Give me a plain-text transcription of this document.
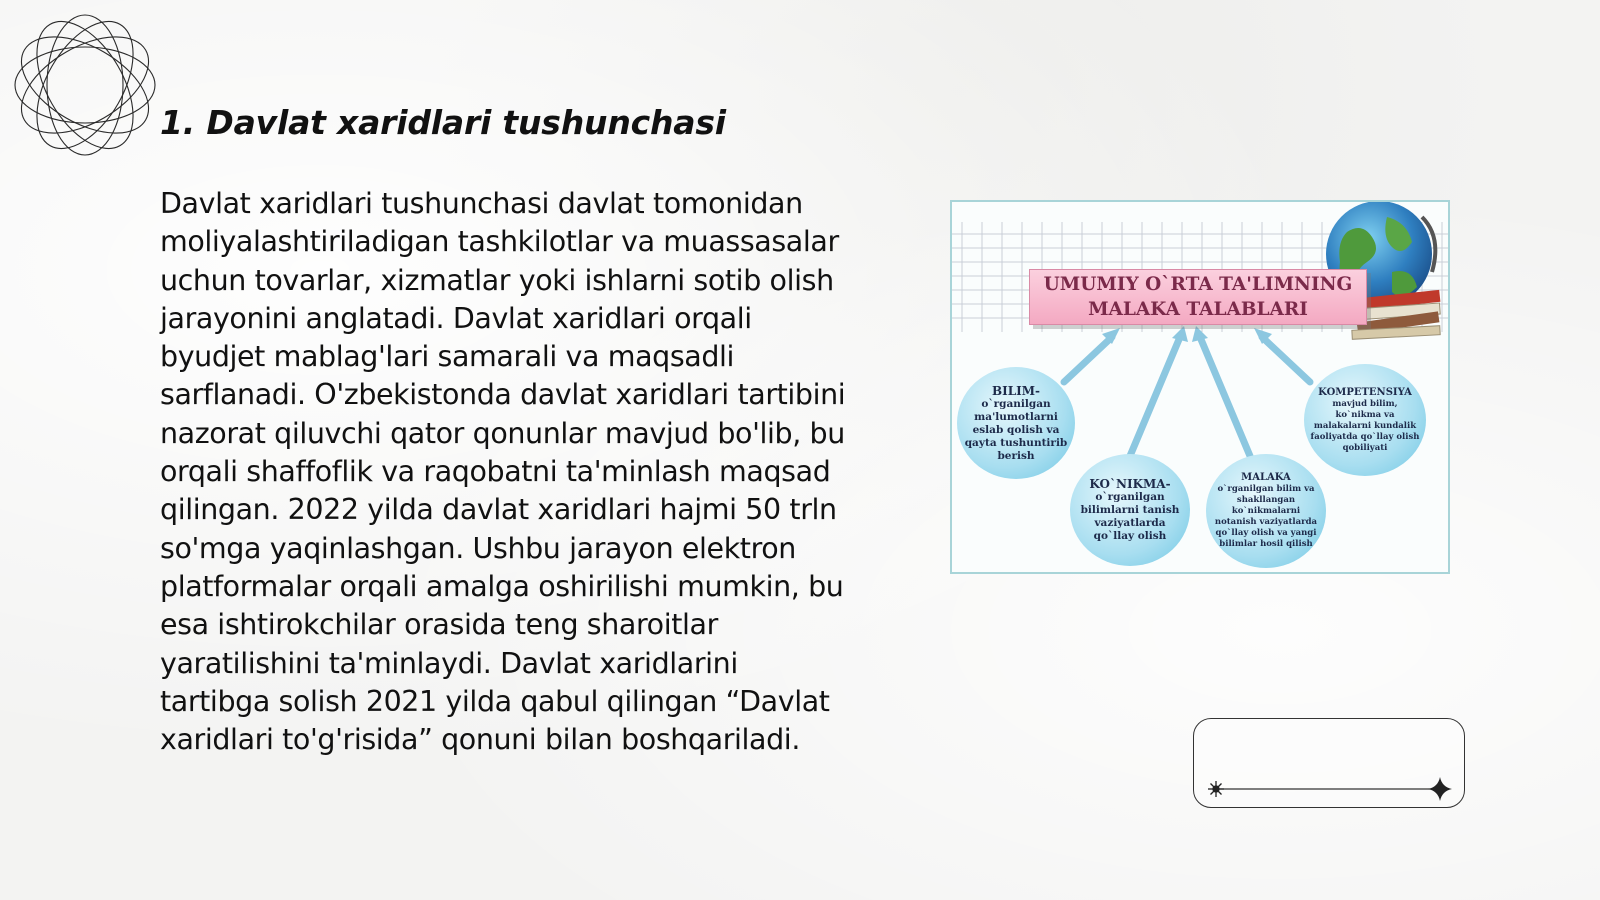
1. Davlat xaridlari tushunchasi

Davlat xaridlari tushunchasi davlat tomonidan moliyalashtiriladigan tashkilotlar va muassasalar uchun tovarlar, xizmatlar yoki ishlarni sotib olish jarayonini anglatadi. Davlat xaridlari orqali byudjet mablag'lari samarali va maqsadli sarflanadi. O'zbekistonda davlat xaridlari tartibini nazorat qiluvchi qator qonunlar mavjud bo'lib, bu orqali shaffoflik va raqobatni ta'minlash maqsad qilingan. 2022 yilda davlat xaridlari hajmi 50 trln so'mga yaqinlashgan. Ushbu jarayon elektron platformalar orqali amalga oshirilishi mumkin, bu esa ishtirokchilar orasida teng sharoitlar yaratilishini ta'minlaydi. Davlat xaridlarini tartibga solish 2021 yilda qabul qilingan “Davlat xaridlari to'g'risida” qonuni bilan boshqariladi.

UMUMIY O`RTA TA'LIMNING
MALAKA TALABLARI
BILIM-
o`rganilgan ma'lumotlarni eslab qolish va qayta tushuntirib berish
KO`NIKMA-
o`rganilgan bilimlarni tanish vaziyatlarda qo`llay olish
MALAKA
o`rganilgan bilim va shakllangan ko`nikmalarni notanish vaziyatlarda qo`llay olish va yangi bilimlar hosil qilish
KOMPETENSIYA
mavjud bilim, ko`nikma va malakalarni kundalik faoliyatda qo`llay olish qobiliyati
